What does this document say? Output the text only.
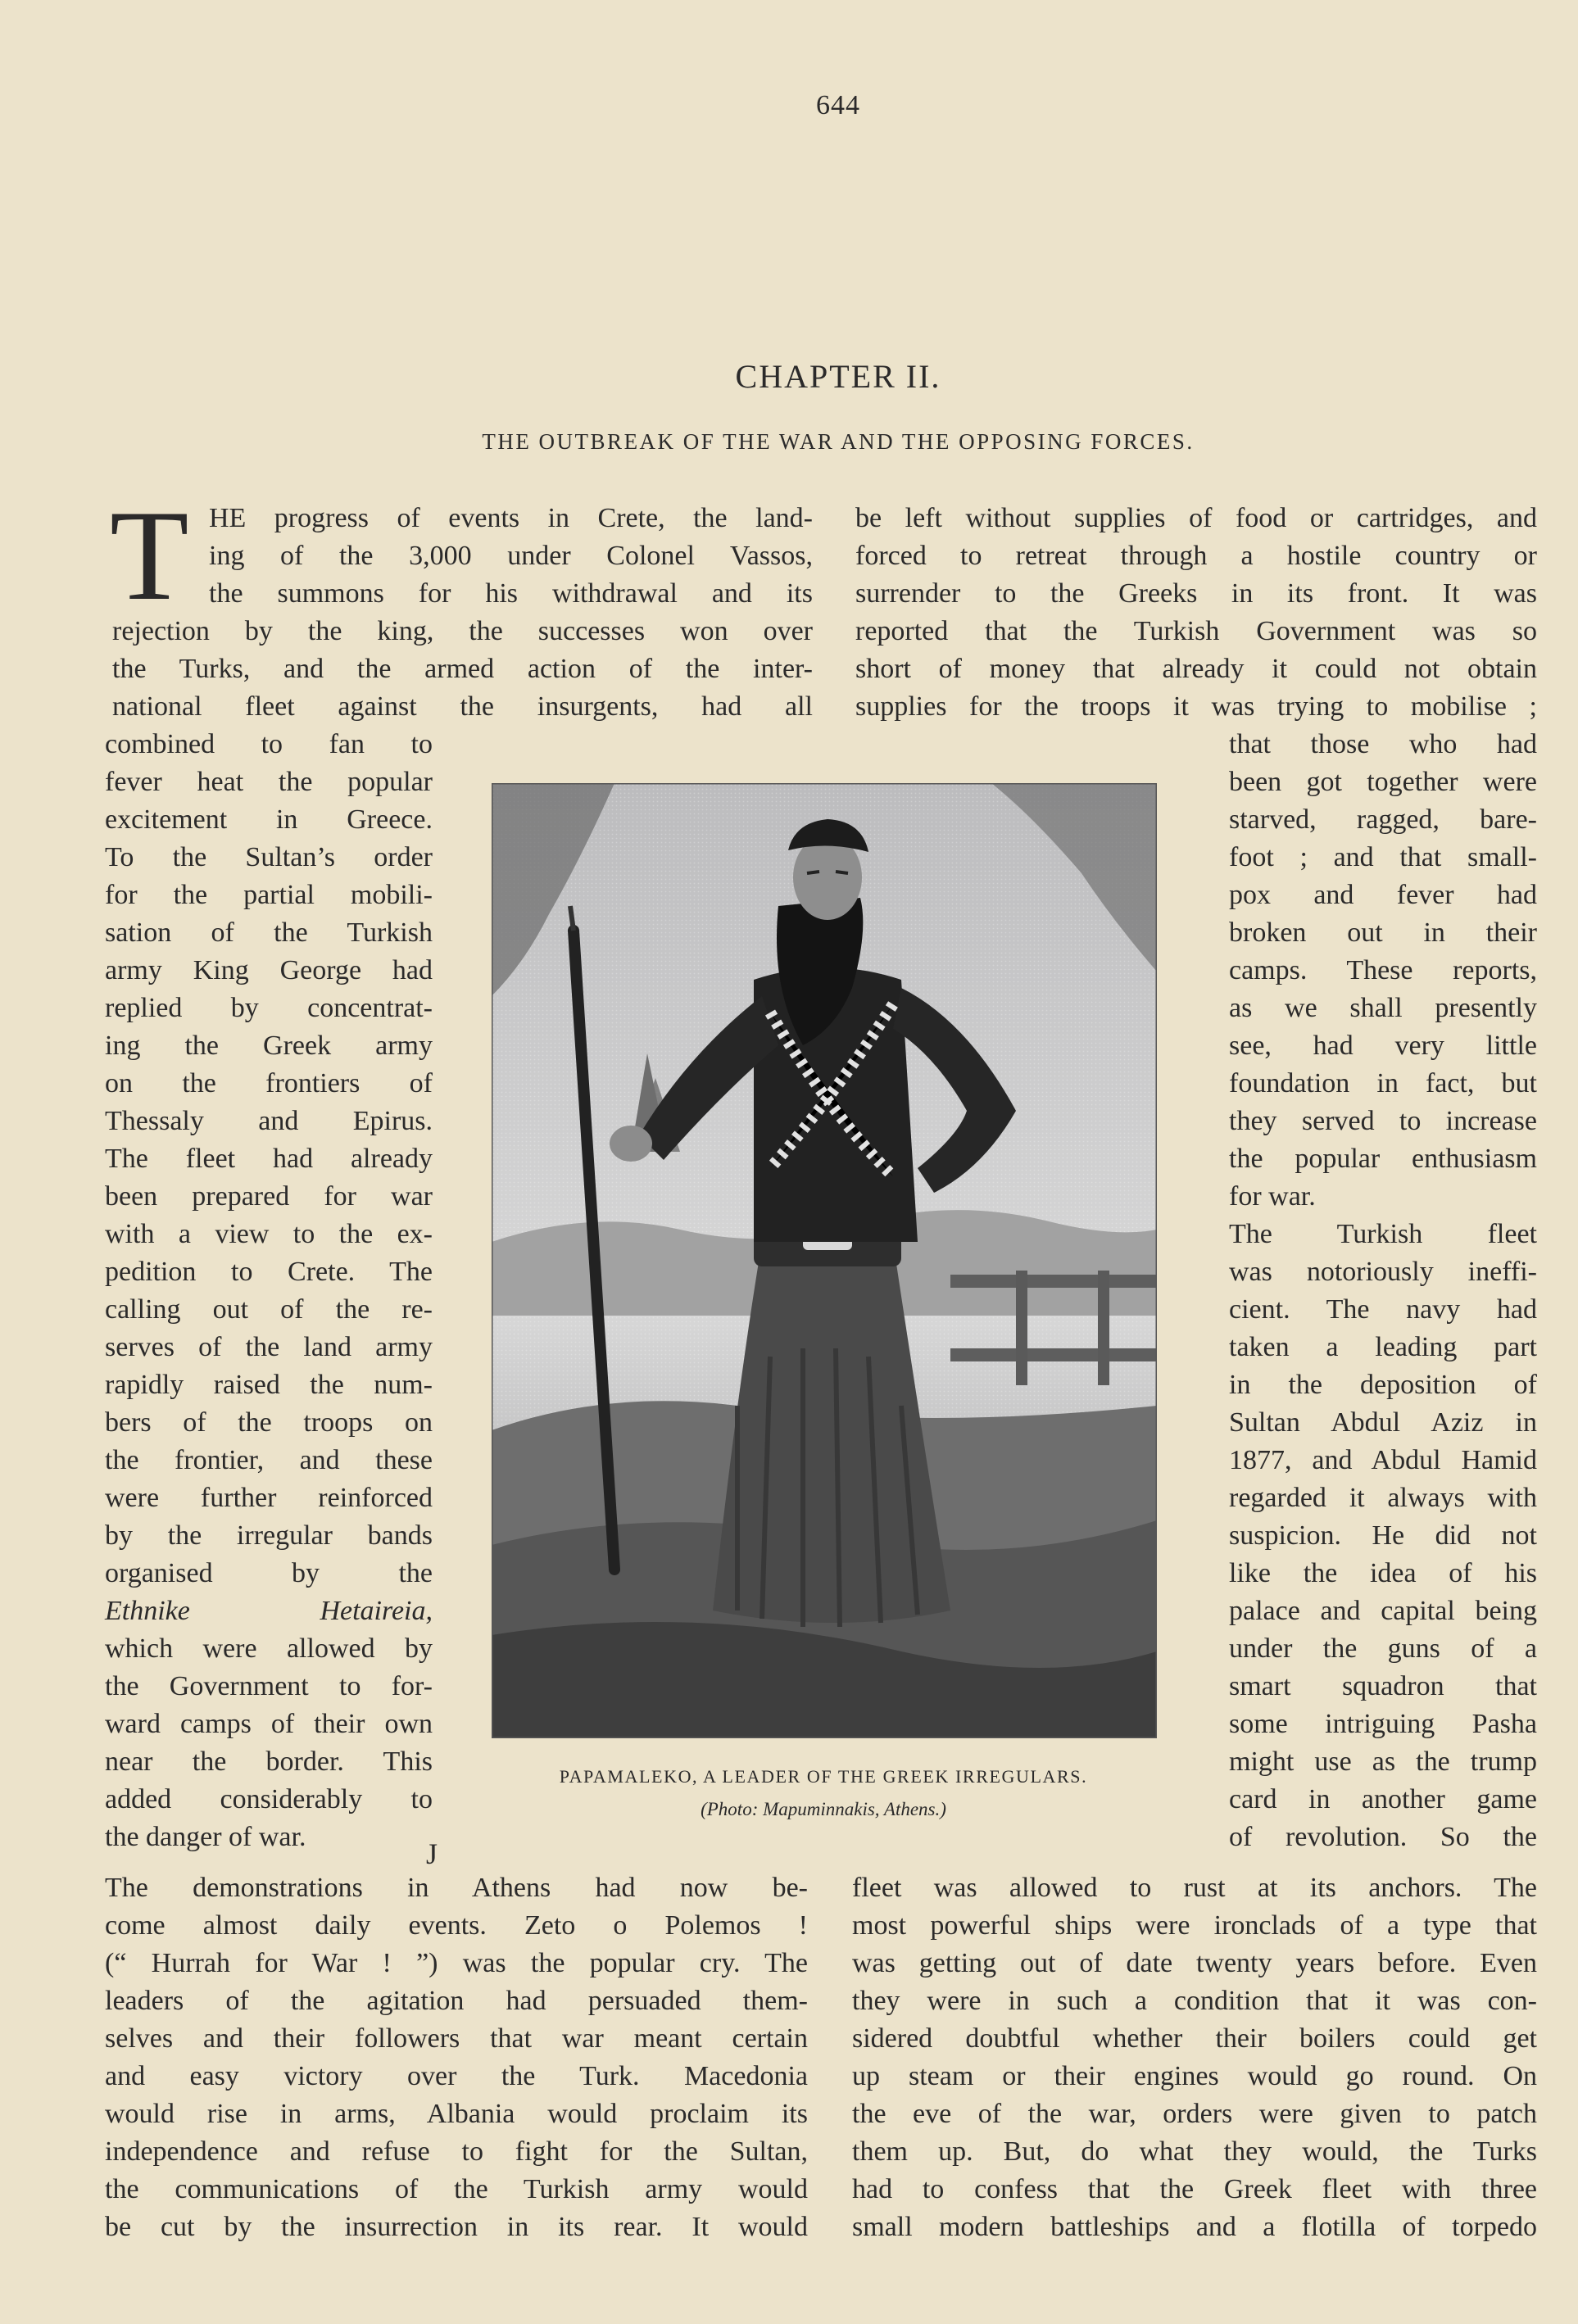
644
CHAPTER II.
THE OUTBREAK OF THE WAR AND THE OPPOSING FORCES.
T HE progress of events in Crete, the land-
ing of the 3,000 under Colonel Vassos,
the summons for his withdrawal and its
rejection by the king, the successes won over
the Turks, and the armed action of the inter-
national fleet against the insurgents, had all
combined to fan to
fever heat the popular
excitement in Greece.
To the Sultan’s order
for the partial mobili-
sation of the Turkish
army King George had
replied by concentrat-
ing the Greek army
on the frontiers of
Thessaly and Epirus.
The fleet had already
been prepared for war
with a view to the ex-
pedition to Crete. The
calling out of the re-
serves of the land army
rapidly raised the num-
bers of the troops on
the frontier, and these
were further reinforced
by the irregular bands
organised by the
Ethnike Hetaireia,
which were allowed by
the Government to for-
ward camps of their own
near the border. This
added considerably to
the danger of war.
The demonstrations in Athens had now be-
come almost daily events. Zeto o Polemos !
(“ Hurrah for War ! ”) was the popular cry. The
leaders of the agitation had persuaded them-
selves and their followers that war meant certain
and easy victory over the Turk. Macedonia
would rise in arms, Albania would proclaim its
independence and refuse to fight for the Sultan,
the communications of the Turkish army would
be cut by the insurrection in its rear. It would
be left without supplies of food or cartridges, and
forced to retreat through a hostile country or
surrender to the Greeks in its front. It was
reported that the Turkish Government was so
short of money that already it could not obtain
supplies for the troops it was trying to mobilise ;
that those who had
been got together were
starved, ragged, bare-
foot ; and that small-
pox and fever had
broken out in their
camps. These reports,
as we shall presently
see, had very little
foundation in fact, but
they served to increase
the popular enthusiasm
for war.
The Turkish fleet
was notoriously ineffi-
cient. The navy had
taken a leading part
in the deposition of
Sultan Abdul Aziz in
1877, and Abdul Hamid
regarded it always with
suspicion. He did not
like the idea of his
palace and capital being
under the guns of a
smart squadron that
some intriguing Pasha
might use as the trump
card in another game
of revolution. So the
fleet was allowed to rust at its anchors. The
most powerful ships were ironclads of a type that
was getting out of date twenty years before. Even
they were in such a condition that it was con-
sidered doubtful whether their boilers could get
up steam or their engines would go round. On
the eve of the war, orders were given to patch
them up. But, do what they would, the Turks
had to confess that the Greek fleet with three
small modern battleships and a flotilla of torpedo
PAPAMALEKO, A LEADER OF THE GREEK IRREGULARS.
(Photo: Mapuminnakis, Athens.)
J
